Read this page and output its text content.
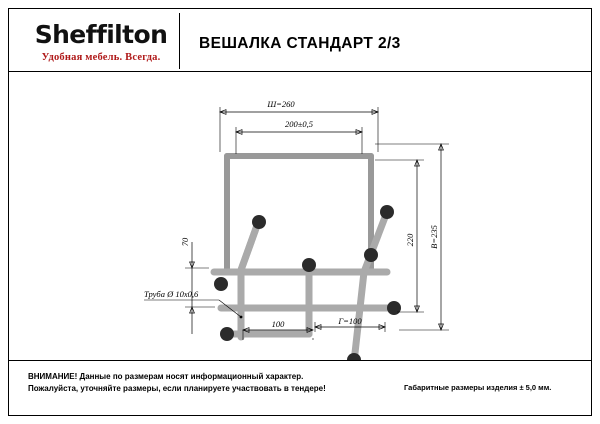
Sheffilton
Удобная мебель. Всегда.
ВЕШАЛКА СТАНДАРТ 2/3
Ш=260
200±0,5
220 В=235
70
100	Г=100
Труба Ø 10x0,6
ВНИМАНИЕ! Данные по размерам носят информационный характер.
Пожалуйста, уточняйте размеры, если планируете участвовать в тендере!	Габаритные размеры изделия ± 5,0 мм.
